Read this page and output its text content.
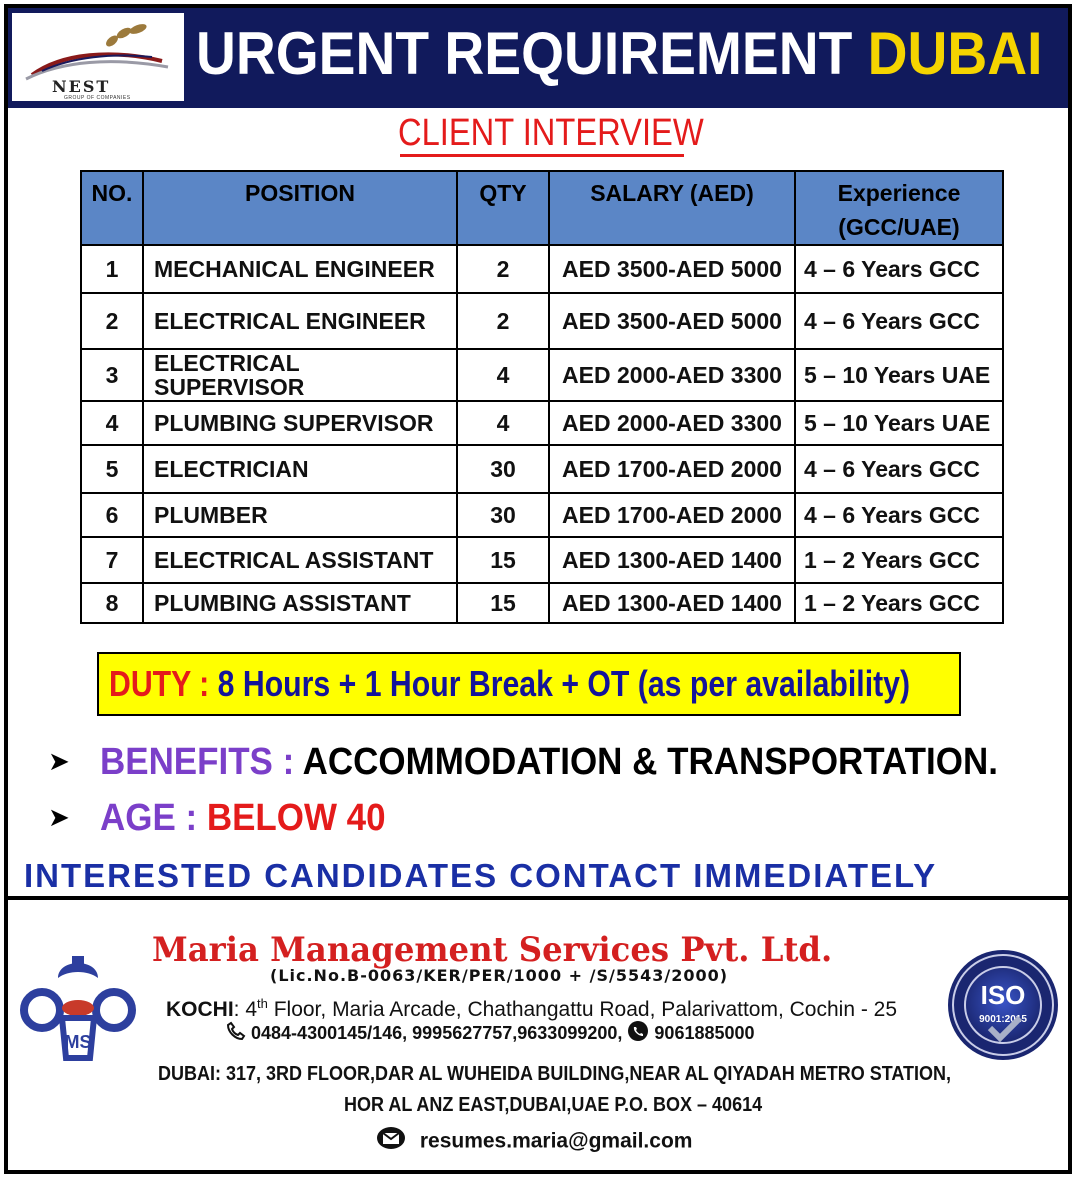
NEST
GROUP OF COMPANIES
URGENT REQUIREMENT DUBAI
CLIENT INTERVIEW
NO.	POSITION	QTY	SALARY (AED)	Experience
(GCC/UAE)
1	MECHANICAL ENGINEER	2	AED 3500-AED 5000	4 – 6 Years GCC
2	ELECTRICAL ENGINEER	2	AED 3500-AED 5000	4 – 6 Years GCC
3	ELECTRICAL SUPERVISOR	4	AED 2000-AED 3300	5 – 10 Years UAE
4	PLUMBING SUPERVISOR	4	AED 2000-AED 3300	5 – 10 Years UAE
5	ELECTRICIAN	30	AED 1700-AED 2000	4 – 6 Years GCC
6	PLUMBER	30	AED 1700-AED 2000	4 – 6 Years GCC
7	ELECTRICAL ASSISTANT	15	AED 1300-AED 1400	1 – 2 Years GCC
8	PLUMBING ASSISTANT	15	AED 1300-AED 1400	1 – 2 Years GCC
DUTY : 8 Hours + 1 Hour Break + OT (as per availability)
➤ BENEFITS : ACCOMMODATION & TRANSPORTATION.
➤ AGE : BELOW 40
INTERESTED CANDIDATES CONTACT IMMEDIATELY
MS
Maria Management Services Pvt. Ltd.
(Lic.No.B-0063/KER/PER/1000 + /S/5543/2000)
KOCHI: 4th Floor, Maria Arcade, Chathangattu Road, Palarivattom, Cochin - 25
0484-4300145/146, 9995627757,9633099200, 9061885000
DUBAI: 317, 3RD FLOOR,DAR AL WUHEIDA BUILDING,NEAR AL QIYADAH METRO STATION,
HOR AL ANZ EAST,DUBAI,UAE P.O. BOX – 40614
resumes.maria@gmail.com
ISO
9001:2015
